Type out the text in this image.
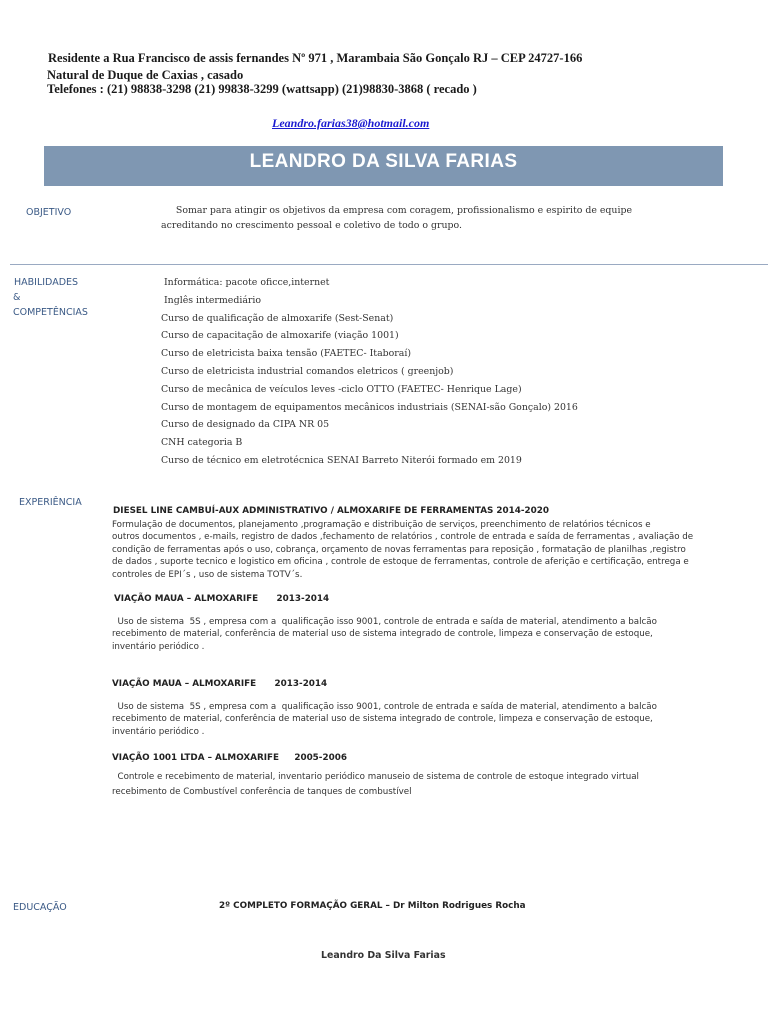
Residente a Rua Francisco de assis fernandes Nº 971 , Marambaia São Gonçalo RJ – CEP 24727-166
Natural de Duque de Caxias , casado
Telefones : (21) 98838-3298 (21) 99838-3299 (wattsapp) (21)98830-3868 ( recado )
Leandro.farias38@hotmail.com
LEANDRO DA SILVA FARIAS
OBJETIVO	Somar para atingir os objetivos da empresa com coragem, profissionalismo e espirito de equipe
acreditando no crescimento pessoal e coletivo de todo o grupo.
HABILIDADES
&
COMPETÊNCIAS
Informática: pacote oficce,internet
Inglês intermediário
Curso de qualificação de almoxarife (Sest-Senat)
Curso de capacitação de almoxarife (viação 1001)
Curso de eletricista baixa tensão (FAETEC- Itaboraí)
Curso de eletricista industrial comandos eletricos ( greenjob)
Curso de mecânica de veículos leves -ciclo OTTO (FAETEC- Henrique Lage)
Curso de montagem de equipamentos mecânicos industriais (SENAI-são Gonçalo) 2016
Curso de designado da CIPA NR 05
CNH categoria B
Curso de técnico em eletrotécnica SENAI Barreto Niterói formado em 2019
EXPERIÊNCIA
DIESEL LINE CAMBUÍ-AUX ADMINISTRATIVO / ALMOXARIFE DE FERRAMENTAS 2014-2020
Formulação de documentos, planejamento ,programação e distribuição de serviços, preenchimento de relatórios técnicos e
outros documentos , e-mails, registro de dados ,fechamento de relatórios , controle de entrada e saída de ferramentas , avaliação de
condição de ferramentas após o uso, cobrança, orçamento de novas ferramentas para reposição , formatação de planilhas ,registro
de dados , suporte tecnico e logistico em oficina , controle de estoque de ferramentas, controle de aferição e certificação, entrega e
controles de EPI´s , uso de sistema TOTV´s.
VIAÇÃO MAUA – ALMOXARIFE      2013-2014
Uso de sistema  5S , empresa com a  qualificação isso 9001, controle de entrada e saída de material, atendimento a balcão
recebimento de material, conferência de material uso de sistema integrado de controle, limpeza e conservação de estoque,
inventário periódico .
VIAÇÃO MAUA – ALMOXARIFE      2013-2014
Uso de sistema  5S , empresa com a  qualificação isso 9001, controle de entrada e saída de material, atendimento a balcão
recebimento de material, conferência de material uso de sistema integrado de controle, limpeza e conservação de estoque,
inventário periódico .
VIAÇÃO 1001 LTDA – ALMOXARIFE     2005-2006
Controle e recebimento de material, inventario periódico manuseio de sistema de controle de estoque integrado virtual
recebimento de Combustível conferência de tanques de combustível
EDUCAÇÃO	2º COMPLETO FORMAÇÃO GERAL – Dr Milton Rodrigues Rocha
Leandro Da Silva Farias
